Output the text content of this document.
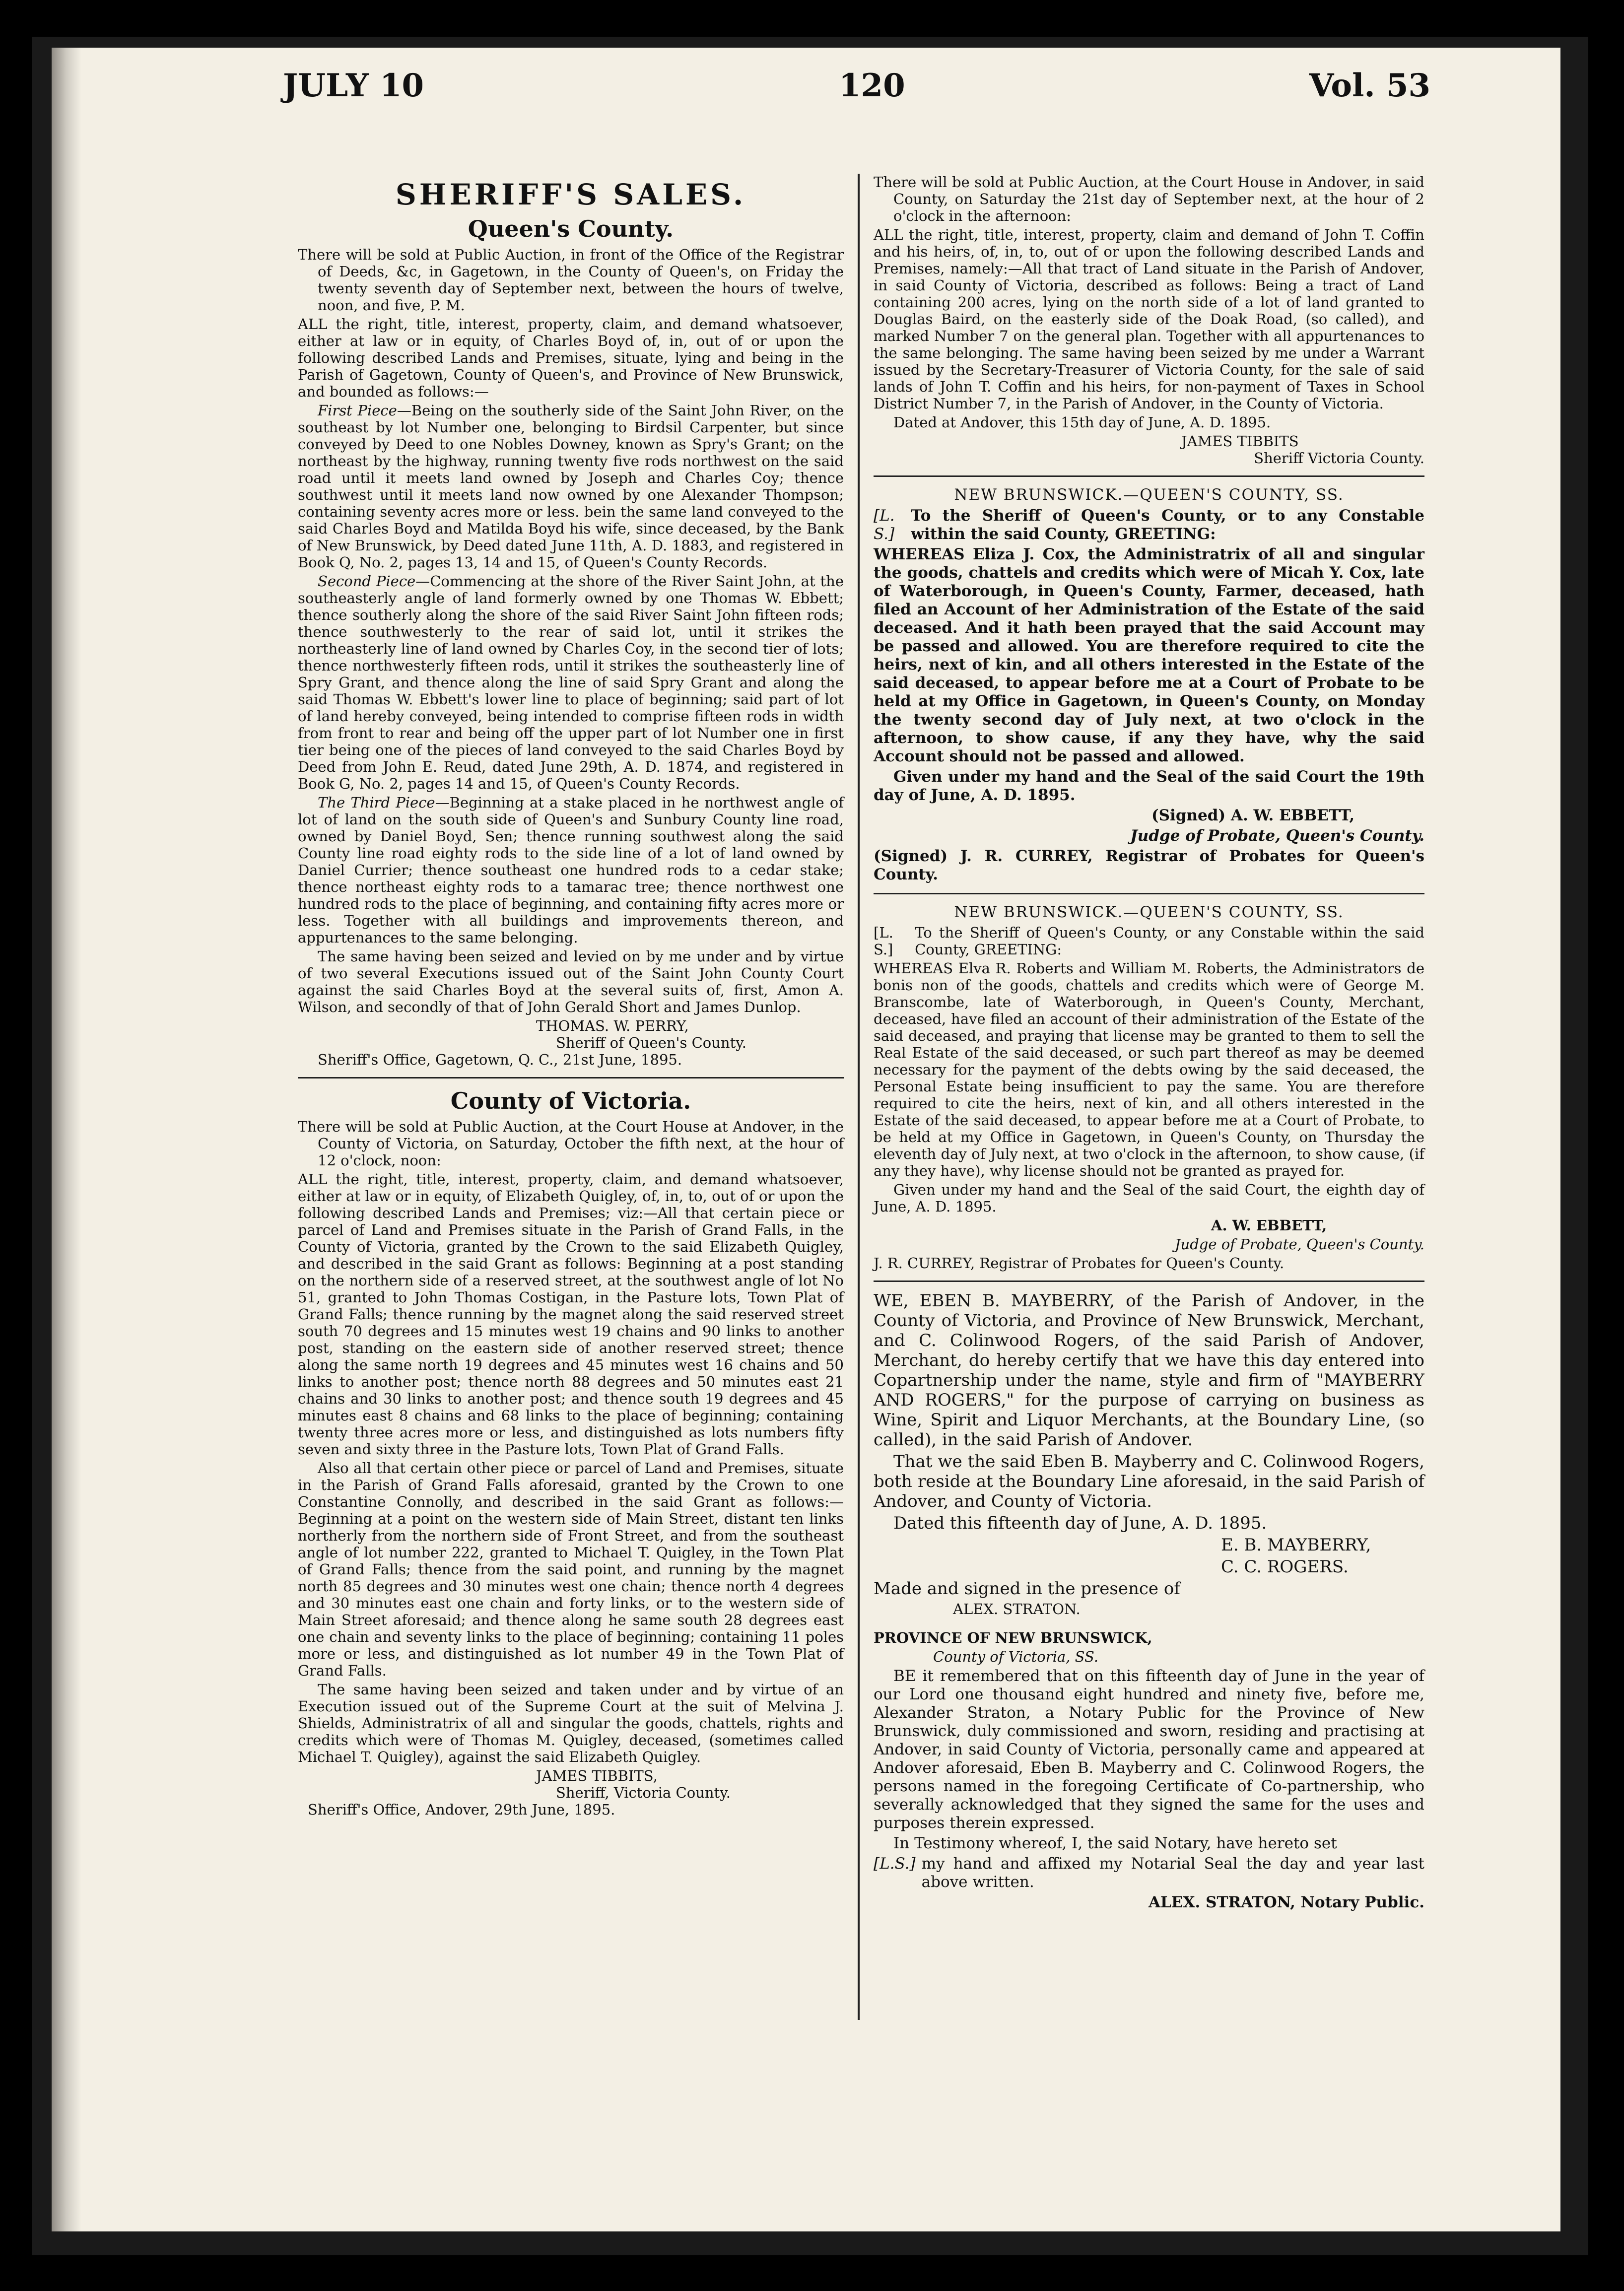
JULY 10	120	Vol. 53
SHERIFF'S SALES.
Queen's County.

There will be sold at Public Auction, in front of the Office of the Registrar of Deeds, &c, in Gagetown, in the County of Queen's, on Friday the twenty seventh day of September next, between the hours of twelve, noon, and five, P. M.

ALL the right, title, interest, property, claim, and demand whatsoever, either at law or in equity, of Charles Boyd of, in, out of or upon the following described Lands and Premises, situate, lying and being in the Parish of Gagetown, County of Queen's, and Province of New Brunswick, and bounded as follows:—

First Piece—Being on the southerly side of the Saint John River, on the southeast by lot Number one, belonging to Birdsil Carpenter, but since conveyed by Deed to one Nobles Downey, known as Spry's Grant; on the northeast by the highway, running twenty five rods northwest on the said road until it meets land owned by Joseph and Charles Coy; thence southwest until it meets land now owned by one Alexander Thompson; containing seventy acres more or less. bein the same land conveyed to the said Charles Boyd and Matilda Boyd his wife, since deceased, by the Bank of New Brunswick, by Deed dated June 11th, A. D. 1883, and registered in Book Q, No. 2, pages 13, 14 and 15, of Queen's County Records.

Second Piece—Commencing at the shore of the River Saint John, at the southeasterly angle of land formerly owned by one Thomas W. Ebbett; thence southerly along the shore of the said River Saint John fifteen rods; thence southwesterly to the rear of said lot, until it strikes the northeasterly line of land owned by Charles Coy, in the second tier of lots; thence northwesterly fifteen rods, until it strikes the southeasterly line of Spry Grant, and thence along the line of said Spry Grant and along the said Thomas W. Ebbett's lower line to place of beginning; said part of lot of land hereby conveyed, being intended to comprise fifteen rods in width from front to rear and being off the upper part of lot Number one in first tier being one of the pieces of land conveyed to the said Charles Boyd by Deed from John E. Reud, dated June 29th, A. D. 1874, and registered in Book G, No. 2, pages 14 and 15, of Queen's County Records.

The Third Piece—Beginning at a stake placed in he northwest angle of lot of land on the south side of Queen's and Sunbury County line road, owned by Daniel Boyd, Sen; thence running southwest along the said County line road eighty rods to the side line of a lot of land owned by Daniel Currier; thence southeast one hundred rods to a cedar stake; thence northeast eighty rods to a tamarac tree; thence northwest one hundred rods to the place of beginning, and containing fifty acres more or less. Together with all buildings and improvements thereon, and appurtenances to the same belonging.

The same having been seized and levied on by me under and by virtue of two several Executions issued out of the Saint John County Court against the said Charles Boyd at the several suits of, first, Amon A. Wilson, and secondly of that of John Gerald Short and James Dunlop.

THOMAS. W. PERRY,
Sheriff of Queen's County.
Sheriff's Office, Gagetown, Q. C., 21st June, 1895.
County of Victoria.

There will be sold at Public Auction, at the Court House at Andover, in the County of Victoria, on Saturday, October the fifth next, at the hour of 12 o'clock, noon:

ALL the right, title, interest, property, claim, and demand whatsoever, either at law or in equity, of Elizabeth Quigley, of, in, to, out of or upon the following described Lands and Premises; viz:—All that certain piece or parcel of Land and Premises situate in the Parish of Grand Falls, in the County of Victoria, granted by the Crown to the said Elizabeth Quigley, and described in the said Grant as follows: Beginning at a post standing on the northern side of a reserved street, at the southwest angle of lot No 51, granted to John Thomas Costigan, in the Pasture lots, Town Plat of Grand Falls; thence running by the magnet along the said reserved street south 70 degrees and 15 minutes west 19 chains and 90 links to another post, standing on the eastern side of another reserved street; thence along the same north 19 degrees and 45 minutes west 16 chains and 50 links to another post; thence north 88 degrees and 50 minutes east 21 chains and 30 links to another post; and thence south 19 degrees and 45 minutes east 8 chains and 68 links to the place of beginning; containing twenty three acres more or less, and distinguished as lots numbers fifty seven and sixty three in the Pasture lots, Town Plat of Grand Falls.

Also all that certain other piece or parcel of Land and Premises, situate in the Parish of Grand Falls aforesaid, granted by the Crown to one Constantine Connolly, and described in the said Grant as follows:—Beginning at a point on the western side of Main Street, distant ten links northerly from the northern side of Front Street, and from the southeast angle of lot number 222, granted to Michael T. Quigley, in the Town Plat of Grand Falls; thence from the said point, and running by the magnet north 85 degrees and 30 minutes west one chain; thence north 4 degrees and 30 minutes east one chain and forty links, or to the western side of Main Street aforesaid; and thence along he same south 28 degrees east one chain and seventy links to the place of beginning; containing 11 poles more or less, and distinguished as lot number 49 in the Town Plat of Grand Falls.

The same having been seized and taken under and by virtue of an Execution issued out of the Supreme Court at the suit of Melvina J. Shields, Administratrix of all and singular the goods, chattels, rights and credits which were of Thomas M. Quigley, deceased, (sometimes called Michael T. Quigley), against the said Elizabeth Quigley.

JAMES TIBBITS,
Sheriff, Victoria County.
Sheriff's Office, Andover, 29th June, 1895.

There will be sold at Public Auction, at the Court House in Andover, in said County, on Saturday the 21st day of September next, at the hour of 2 o'clock in the afternoon:

ALL the right, title, interest, property, claim and demand of John T. Coffin and his heirs, of, in, to, out of or upon the following described Lands and Premises, namely:—All that tract of Land situate in the Parish of Andover, in said County of Victoria, described as follows: Being a tract of Land containing 200 acres, lying on the north side of a lot of land granted to Douglas Baird, on the easterly side of the Doak Road, (so called), and marked Number 7 on the general plan. Together with all appurtenances to the same belonging. The same having been seized by me under a Warrant issued by the Secretary-Treasurer of Victoria County, for the sale of said lands of John T. Coffin and his heirs, for non-payment of Taxes in School District Number 7, in the Parish of Andover, in the County of Victoria.

Dated at Andover, this 15th day of June, A. D. 1895.

JAMES TIBBITS
Sheriff Victoria County.
NEW BRUNSWICK.—QUEEN'S COUNTY, SS.
[L. S.]
To the Sheriff of Queen's County, or to any Constable within the said County, GREETING:

WHEREAS Eliza J. Cox, the Administratrix of all and singular the goods, chattels and credits which were of Micah Y. Cox, late of Waterborough, in Queen's County, Farmer, deceased, hath filed an Account of her Administration of the Estate of the said deceased. And it hath been prayed that the said Account may be passed and allowed. You are therefore required to cite the heirs, next of kin, and all others interested in the Estate of the said deceased, to appear before me at a Court of Probate to be held at my Office in Gagetown, in Queen's County, on Monday the twenty second day of July next, at two o'clock in the afternoon, to show cause, if any they have, why the said Account should not be passed and allowed.

Given under my hand and the Seal of the said Court the 19th day of June, A. D. 1895.

(Signed) A. W. EBBETT,
Judge of Probate, Queen's County.
(Signed) J. R. CURREY, Registrar of Probates for Queen's County.
NEW BRUNSWICK.—QUEEN'S COUNTY, SS.
[L. S.]
To the Sheriff of Queen's County, or any Constable within the said County, GREETING:

WHEREAS Elva R. Roberts and William M. Roberts, the Administrators de bonis non of the goods, chattels and credits which were of George M. Branscombe, late of Waterborough, in Queen's County, Merchant, deceased, have filed an account of their administration of the Estate of the said deceased, and praying that license may be granted to them to sell the Real Estate of the said deceased, or such part thereof as may be deemed necessary for the payment of the debts owing by the said deceased, the Personal Estate being insufficient to pay the same. You are therefore required to cite the heirs, next of kin, and all others interested in the Estate of the said deceased, to appear before me at a Court of Probate, to be held at my Office in Gagetown, in Queen's County, on Thursday the eleventh day of July next, at two o'clock in the afternoon, to show cause, (if any they have), why license should not be granted as prayed for.

Given under my hand and the Seal of the said Court, the eighth day of June, A. D. 1895.

A. W. EBBETT,
Judge of Probate, Queen's County.
J. R. CURREY, Registrar of Probates for Queen's County.

WE, EBEN B. MAYBERRY, of the Parish of Andover, in the County of Victoria, and Province of New Brunswick, Merchant, and C. Colinwood Rogers, of the said Parish of Andover, Merchant, do hereby certify that we have this day entered into Copartnership under the name, style and firm of "MAYBERRY AND ROGERS," for the purpose of carrying on business as Wine, Spirit and Liquor Merchants, at the Boundary Line, (so called), in the said Parish of Andover.

That we the said Eben B. Mayberry and C. Colinwood Rogers, both reside at the Boundary Line aforesaid, in the said Parish of Andover, and County of Victoria.

Dated this fifteenth day of June, A. D. 1895.

E. B. MAYBERRY,
C. C. ROGERS.
Made and signed in the presence of
ALEX. STRATON.
PROVINCE OF NEW BRUNSWICK,
County of Victoria, SS.

BE it remembered that on this fifteenth day of June in the year of our Lord one thousand eight hundred and ninety five, before me, Alexander Straton, a Notary Public for the Province of New Brunswick, duly commissioned and sworn, residing and practising at Andover, in said County of Victoria, personally came and appeared at Andover aforesaid, Eben B. Mayberry and C. Colinwood Rogers, the persons named in the foregoing Certificate of Co-partnership, who severally acknowledged that they signed the same for the uses and purposes therein expressed.

In Testimony whereof, I, the said Notary, have hereto set

[L.S.] my hand and affixed my Notarial Seal the day and year last above written.
ALEX. STRATON, Notary Public.
